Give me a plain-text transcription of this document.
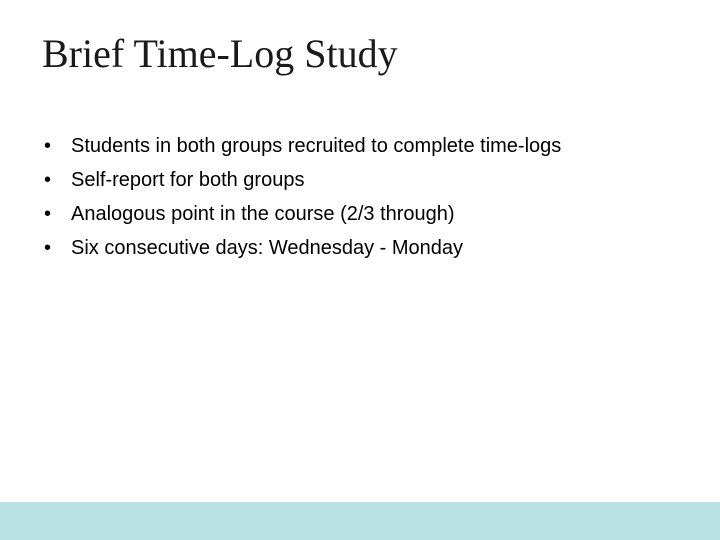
Brief Time-Log Study
• Students in both groups recruited to complete time-logs
• Self-report for both groups
• Analogous point in the course (2/3 through)
• Six consecutive days: Wednesday - Monday
